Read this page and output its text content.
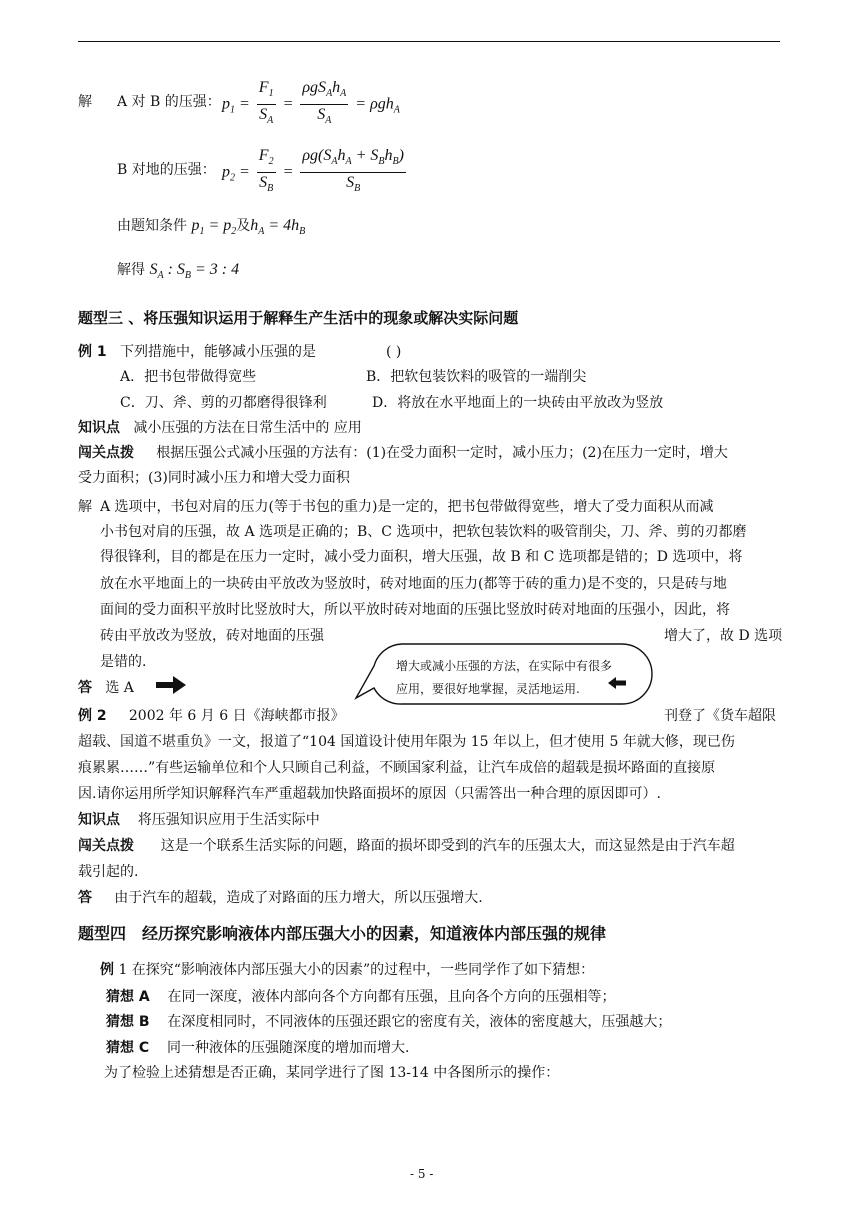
解 A 对 B 的压强： $p_1 = \frac{F_1}{S_A} = \frac{\rho gS_Ah_A}{S_A} = \rho gh_A$
B 对地的压强： $p_2 = \frac{F_2}{S_B} = \frac{\rho g(S_Ah_A + S_Bh_B)}{S_B}$
由题知条件 $p_1 = p_2$及$h_A = 4h_B$
解得 $S_A$ : $S_B = 3$ : 4
题型三 、将压强知识运用于解释生产生活中的现象或解决实际问题
例 1 下列措施中，能够减小压强的是	( )
A．把书包带做得宽些	B．把软包装饮料的吸管的一端削尖
C．刀、斧、剪的刃都磨得很锋利	D．将放在水平地面上的一块砖由平放改为竖放
知识点 减小压强的方法在日常生活中的 应用
闯关点拨 根据压强公式减小压强的方法有：(1)在受力面积一定时，减小压力；(2)在压力一定时，增大
受力面积；(3)同时减小压力和增大受力面积
解 A 选项中，书包对肩的压力(等于书包的重力)是一定的，把书包带做得宽些，增大了受力面积从而减
小书包对肩的压强，故 A 选项是正确的；B、C 选项中，把软包装饮料的吸管削尖，刀、斧、剪的刃都磨
得很锋利，目的都是在压力一定时，减小受力面积，增大压强，故 B 和 C 选项都是错的；D 选项中，将
放在水平地面上的一块砖由平放改为竖放时，砖对地面的压力(都等于砖的重力)是不变的，只是砖与地
面间的受力面积平放时比竖放时大，所以平放时砖对地面的压强比竖放时砖对地面的压强小，因此，将
砖由平放改为竖放，砖对地面的压强	增大了，故 D 选项
是错的.
答 选 A
增大或减小压强的方法，在实际中有很多
应用，要很好地掌握，灵活地运用.
例 2 2002 年 6 月 6 日《海峡都市报》	刊登了《货车超限
超载、国道不堪重负》一文，报道了“104 国道设计使用年限为 15 年以上，但才使用 5 年就大修，现已伤
痕累累……”有些运输单位和个人只顾自己利益，不顾国家利益，让汽车成倍的超载是损坏路面的直接原
因.请你运用所学知识解释汽车严重超载加快路面损坏的原因（只需答出一种合理的原因即可）.
知识点 将压强知识应用于生活实际中
闯关点拨 这是一个联系生活实际的问题，路面的损坏即受到的汽车的压强太大，而这显然是由于汽车超
载引起的.
答 由于汽车的超载，造成了对路面的压力增大，所以压强增大.
题型四　经历探究影响液体内部压强大小的因素，知道液体内部压强的规律
例 1 在探究“影响液体内部压强大小的因素”的过程中，一些同学作了如下猜想：
猜想 A 在同一深度，液体内部向各个方向都有压强，且向各个方向的压强相等；
猜想 B 在深度相同时，不同液体的压强还跟它的密度有关，液体的密度越大，压强越大；
猜想 C 同一种液体的压强随深度的增加而增大.
为了检验上述猜想是否正确，某同学进行了图 13-14 中各图所示的操作：
- 5 -
